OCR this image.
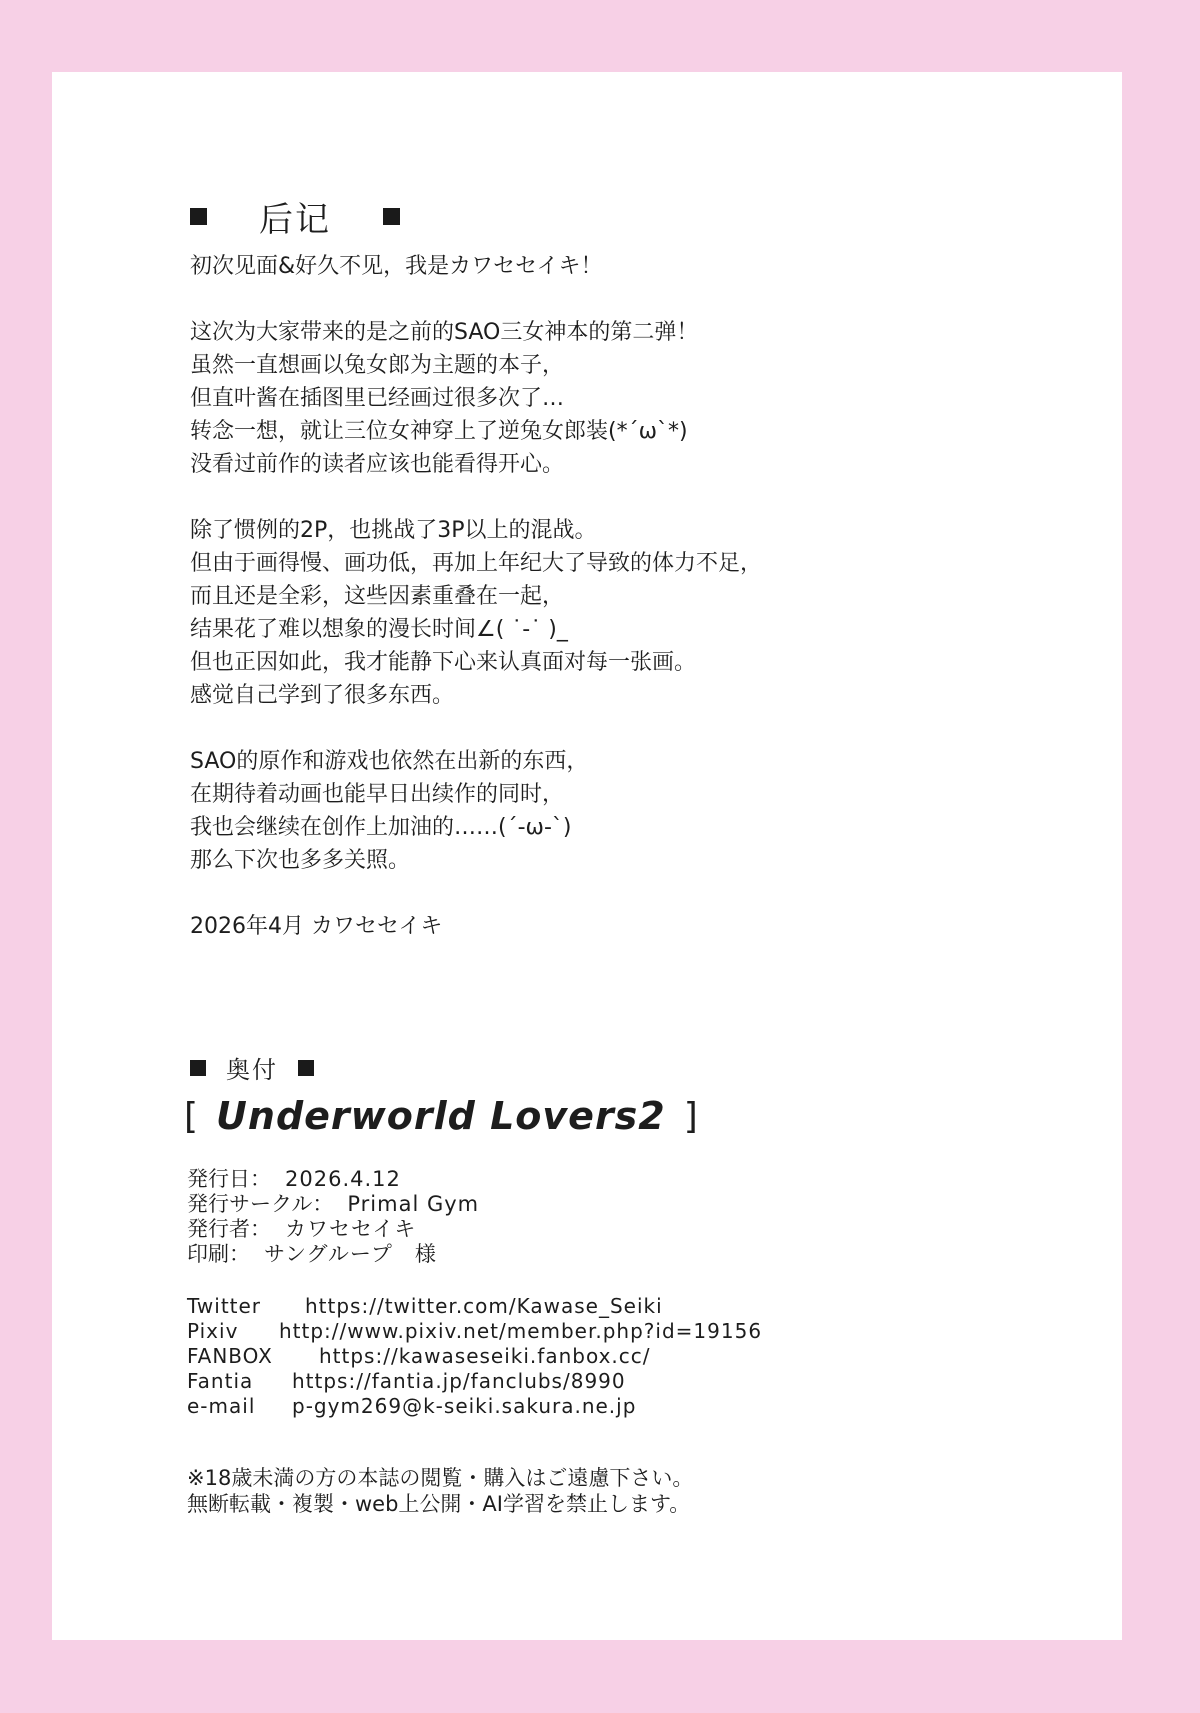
后记
初次见面&好久不见，我是カワセセイキ！
这次为大家带来的是之前的SAO三女神本的第二弹！
虽然一直想画以兔女郎为主题的本子，
但直叶酱在插图里已经画过很多次了…
转念一想，就让三位女神穿上了逆兔女郎装(*´ω`*)
没看过前作的读者应该也能看得开心。
除了惯例的2P，也挑战了3P以上的混战。
但由于画得慢、画功低，再加上年纪大了导致的体力不足，
而且还是全彩，这些因素重叠在一起，
结果花了难以想象的漫长时间∠( ˙-˙ )_
但也正因如此，我才能静下心来认真面对每一张画。
感觉自己学到了很多东西。
SAO的原作和游戏也依然在出新的东西，
在期待着动画也能早日出续作的同时，
我也会继续在创作上加油的……(´-ω-`)
那么下次也多多关照。
2026年4月 カワセセイキ
奥付
[ Underworld Lovers2 ]
発行日： 2026.4.12
発行サークル： Primal Gym
発行者： カワセセイキ
印刷： サングループ　様
Twitter https://twitter.com/Kawase_Seiki
Pixiv http://www.pixiv.net/member.php?id=19156
FANBOX https://kawaseseiki.fanbox.cc/
Fantia https://fantia.jp/fanclubs/8990
e-mail p-gym269@k-seiki.sakura.ne.jp
※18歳未満の方の本誌の閲覧・購入はご遠慮下さい。
無断転載・複製・web上公開・AI学習を禁止します。
